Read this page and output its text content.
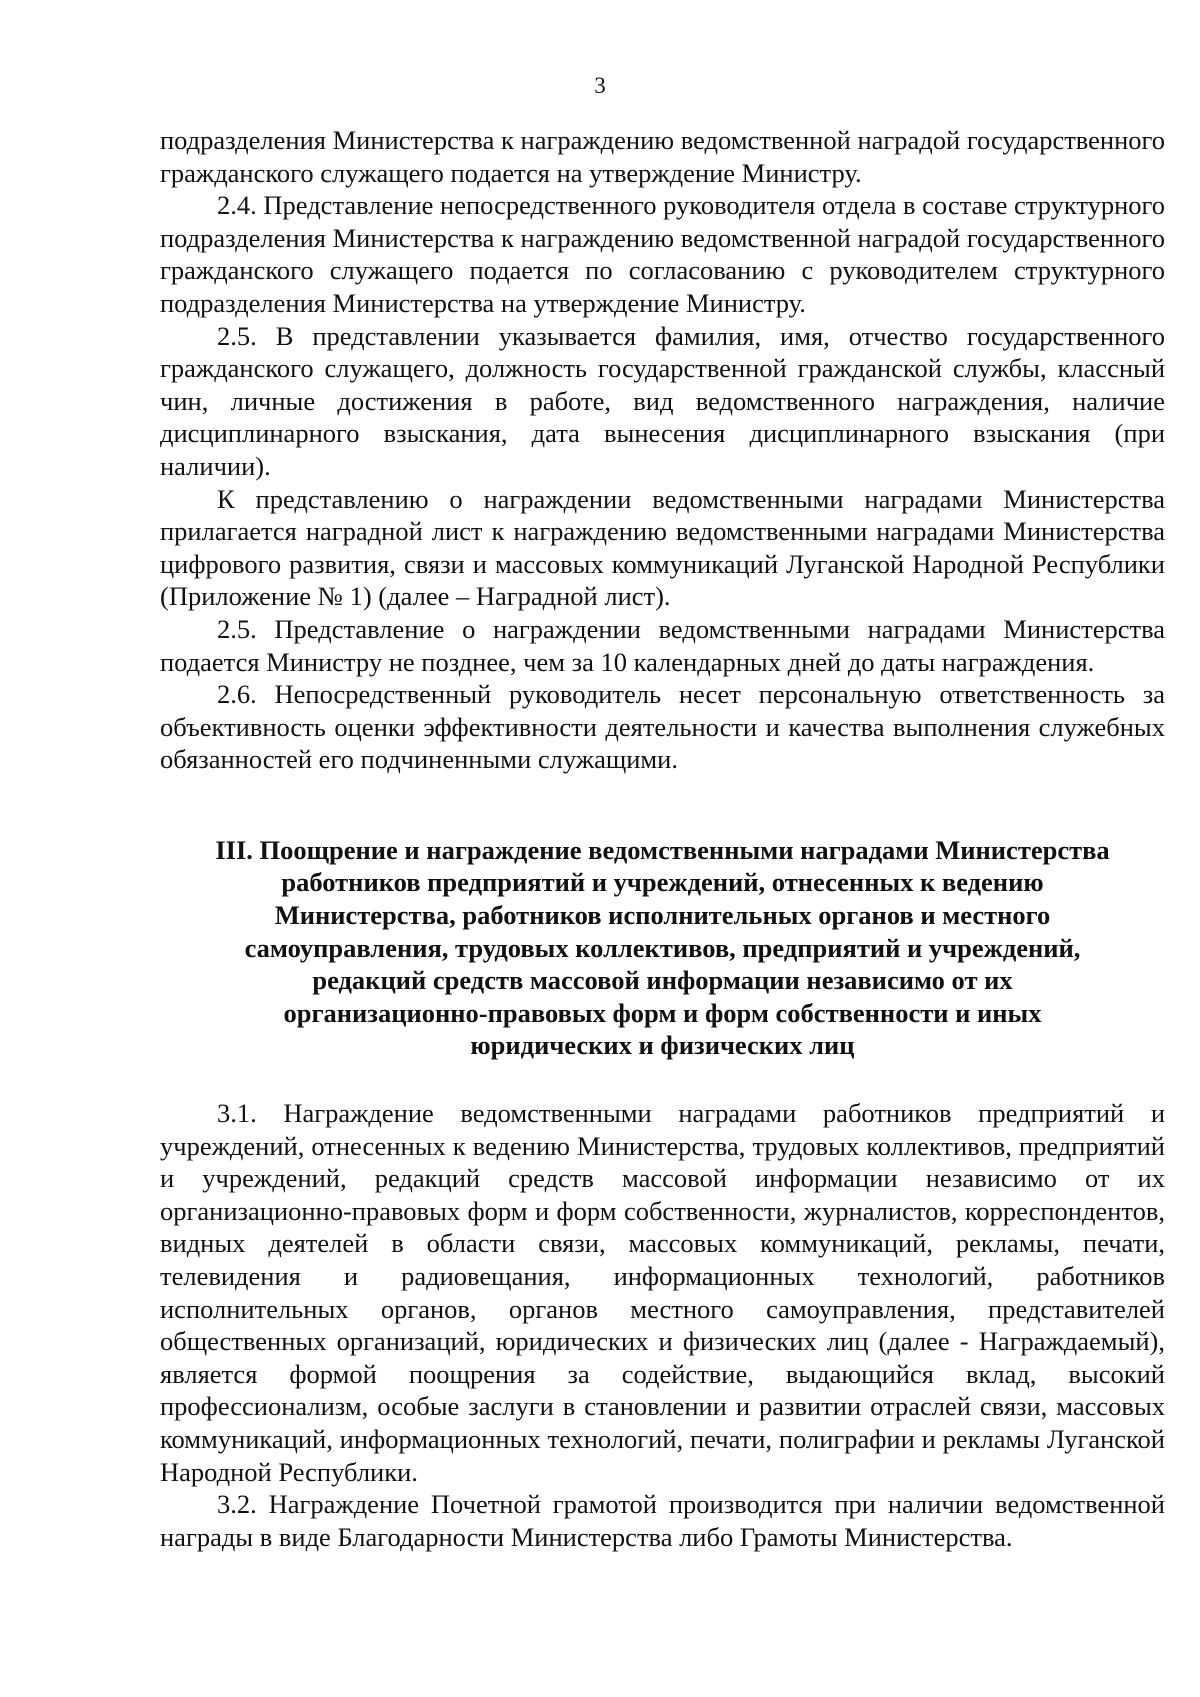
3

подразделения Министерства к награждению ведомственной наградой государственного гражданского служащего подается на утверждение Министру.

2.4. Представление непосредственного руководителя отдела в составе структурного подразделения Министерства к награждению ведомственной наградой государственного гражданского служащего подается по согласованию с руководителем структурного подразделения Министерства на утверждение Министру.

2.5. В представлении указывается фамилия, имя, отчество государственного гражданского служащего, должность государственной гражданской службы, классный чин, личные достижения в работе, вид ведомственного награждения, наличие дисциплинарного взыскания, дата вынесения дисциплинарного взыскания (при наличии).

К представлению о награждении ведомственными наградами Министерства прилагается наградной лист к награждению ведомственными наградами Министерства цифрового развития, связи и массовых коммуникаций Луганской Народной Республики (Приложение № 1) (далее – Наградной лист).

2.5. Представление о награждении ведомственными наградами Министерства подается Министру не позднее, чем за 10 календарных дней до даты награждения.

2.6. Непосредственный руководитель несет персональную ответственность за объективность оценки эффективности деятельности и качества выполнения служебных обязанностей его подчиненными служащими.

III. Поощрение и награждение ведомственными наградами Министерства
работников предприятий и учреждений, отнесенных к ведению
Министерства, работников исполнительных органов и местного
самоуправления, трудовых коллективов, предприятий и учреждений,
редакций средств массовой информации независимо от их
организационно-правовых форм и форм собственности и иных
юридических и физических лиц

3.1. Награждение ведомственными наградами работников предприятий и учреждений, отнесенных к ведению Министерства, трудовых коллективов, предприятий и учреждений, редакций средств массовой информации независимо от их организационно-правовых форм и форм собственности, журналистов, корреспондентов, видных деятелей в области связи, массовых коммуникаций, рекламы, печати, телевидения и радиовещания, информационных технологий, работников исполнительных органов, органов местного самоуправления, представителей общественных организаций, юридических и физических лиц (далее - Награждаемый), является формой поощрения за содействие, выдающийся вклад, высокий профессионализм, особые заслуги в становлении и развитии отраслей связи, массовых коммуникаций, информационных технологий, печати, полиграфии и рекламы Луганской Народной Республики.

3.2. Награждение Почетной грамотой производится при наличии ведомственной награды в виде Благодарности Министерства либо Грамоты Министерства.
